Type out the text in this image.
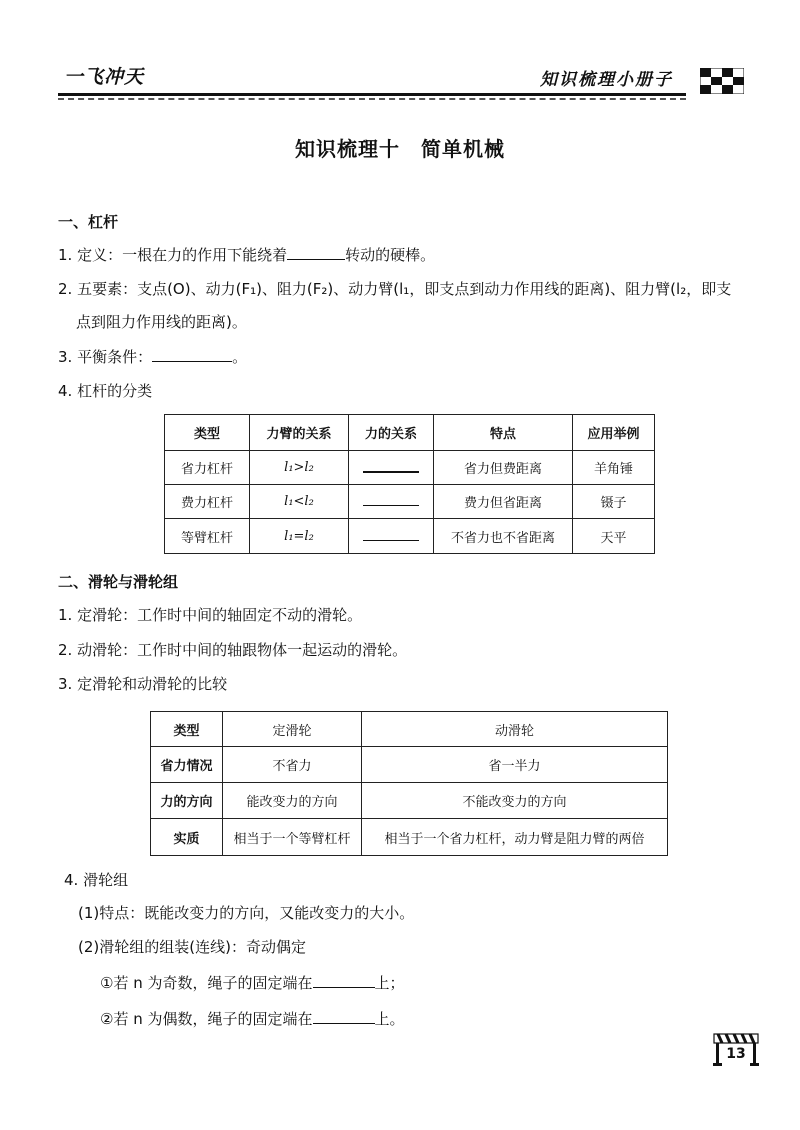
一飞冲天	知识梳理小册子
知识梳理十　简单机械
一、杠杆
1. 定义：一根在力的作用下能绕着	转动的硬棒。
2. 五要素：支点(O)、动力(F₁)、阻力(F₂)、动力臂(l₁，即支点到动力作用线的距离)、阻力臂(l₂，即支
点到阻力作用线的距离)。
3. 平衡条件：	。
4. 杠杆的分类
类型	力臂的关系	力的关系	特点	应用举例
省力杠杆	l₁>l₂		省力但费距离	羊角锤
费力杠杆	l₁<l₂		费力但省距离	镊子
等臂杠杆	l₁=l₂		不省力也不省距离	天平
二、滑轮与滑轮组
1. 定滑轮：工作时中间的轴固定不动的滑轮。
2. 动滑轮：工作时中间的轴跟物体一起运动的滑轮。
3. 定滑轮和动滑轮的比较
类型	定滑轮	动滑轮
省力情况	不省力	省一半力
力的方向	能改变力的方向	不能改变力的方向
实质	相当于一个等臂杠杆	相当于一个省力杠杆，动力臂是阻力臂的两倍
4. 滑轮组
(1)特点：既能改变力的方向，又能改变力的大小。
(2)滑轮组的组装(连线)：奇动偶定
①若 n 为奇数，绳子的固定端在	上；
②若 n 为偶数，绳子的固定端在	上。
13
